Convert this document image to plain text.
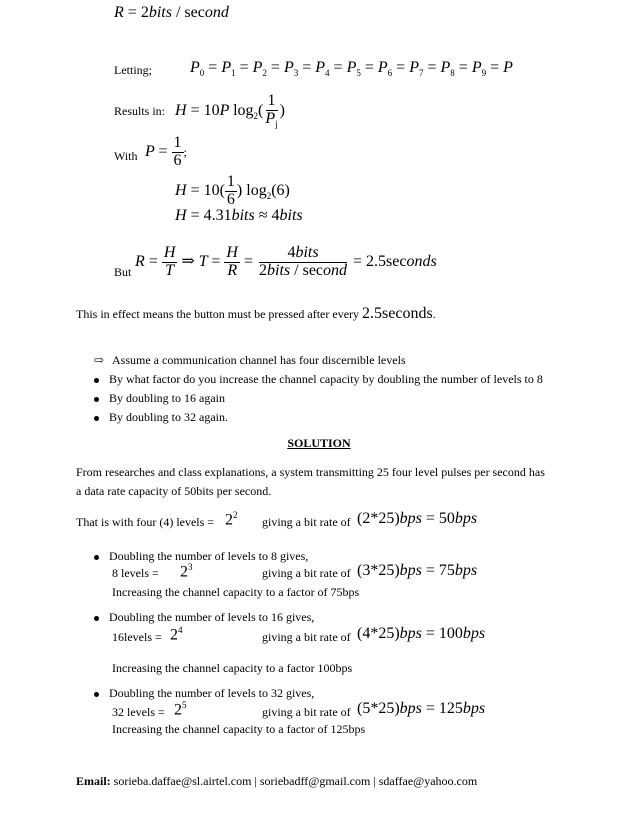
R = 2bits / second
Letting; $P_0 = P_1 = P_2 = P_3 = P_4 = P_5 = P_6 = P_7 = P_8 = P_9 = P$
Results in: H = 10P $\log_2( \frac{1}{P_j}$ )
With $P = \frac{1}{6}$ ;
$H = 10( \frac{1}{6}$ ) $\log_2(6)$
H = 4.31bits ≈ 4bits
But
$R = \frac{H}{T}$ ⇒ $T = \frac{H}{R} = \frac{\text{4bits}}{\text{2bits / second}}$ = 2.5seconds
This in effect means the button must be pressed after every 2.5seconds.
⇨ Assume a communication channel has four discernible levels
By what factor do you increase the channel capacity by doubling the number of levels to 8
By doubling to 16 again
By doubling to 32 again.
SOLUTION
From researches and class explanations, a system transmitting 25 four level pulses per second has
a data rate capacity of 50bits per second.
That is with four (4) levels = $2^2$ giving a bit rate of (2*25)bps = 50bps
Doubling the number of levels to 8 gives,
8 levels = $2^3$	giving a bit rate of (3*25)bps = 75bps
Increasing the channel capacity to a factor of 75bps
Doubling the number of levels to 16 gives,
16levels = $2^4$	giving a bit rate of (4*25)bps = 100bps
Increasing the channel capacity to a factor 100bps
Doubling the number of levels to 32 gives,
32 levels = $2^5$	giving a bit rate of (5*25)bps = 125bps
Increasing the channel capacity to a factor of 125bps
Email: sorieba.daffae@sl.airtel.com | soriebadff@gmail.com | sdaffae@yahoo.com
